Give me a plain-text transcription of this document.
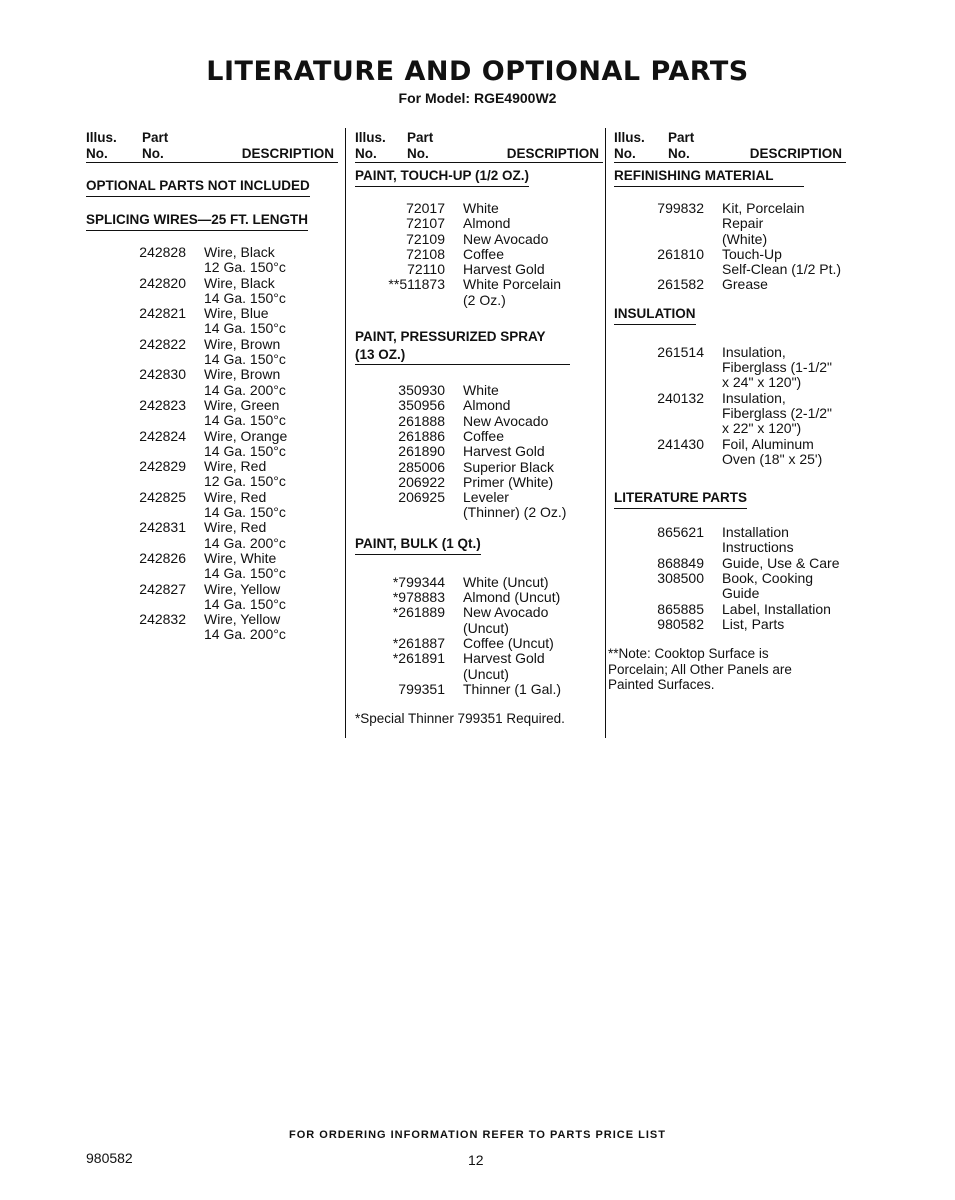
LITERATURE AND OPTIONAL PARTS
For Model: RGE4900W2
Illus.
No.
Part
No.	DESCRIPTION
OPTIONAL PARTS NOT INCLUDED
SPLICING WIRES—25 FT. LENGTH
242828 Wire, Black
12 Ga. 150°c
242820 Wire, Black
14 Ga. 150°c
242821 Wire, Blue
14 Ga. 150°c
242822 Wire, Brown
14 Ga. 150°c
242830 Wire, Brown
14 Ga. 200°c
242823 Wire, Green
14 Ga. 150°c
242824 Wire, Orange
14 Ga. 150°c
242829 Wire, Red
12 Ga. 150°c
242825 Wire, Red
14 Ga. 150°c
242831 Wire, Red
14 Ga. 200°c
242826 Wire, White
14 Ga. 150°c
242827 Wire, Yellow
14 Ga. 150°c
242832 Wire, Yellow
14 Ga. 200°c
Illus.
No.
Part
No.	DESCRIPTION
PAINT, TOUCH-UP (1/2 OZ.)
72017 White
72107 Almond
72109 New Avocado
72108 Coffee
72110 Harvest Gold
**511873 White Porcelain
(2 Oz.)
PAINT, PRESSURIZED SPRAY
(13 OZ.)
350930 White
350956 Almond
261888 New Avocado
261886 Coffee
261890 Harvest Gold
285006 Superior Black
206922 Primer (White)
206925 Leveler
(Thinner) (2 Oz.)
PAINT, BULK (1 Qt.)
*799344 White (Uncut)
*978883 Almond (Uncut)
*261889 New Avocado
(Uncut)
*261887 Coffee (Uncut)
*261891 Harvest Gold
(Uncut)
799351 Thinner (1 Gal.)
*Special Thinner 799351 Required.
Illus.
No.
Part
No.	DESCRIPTION
REFINISHING MATERIAL
799832 Kit, Porcelain
Repair
(White)
261810 Touch-Up
Self-Clean (1/2 Pt.)
261582 Grease
INSULATION
261514 Insulation,
Fiberglass (1-1/2"
x 24" x 120")
240132 Insulation,
Fiberglass (2-1/2"
x 22" x 120")
241430 Foil, Aluminum
Oven (18" x 25')
LITERATURE PARTS
865621 Installation
Instructions
868849 Guide, Use & Care
308500 Book, Cooking
Guide
865885 Label, Installation
980582 List, Parts
**Note: Cooktop Surface is
Porcelain; All Other Panels are
Painted Surfaces.
FOR ORDERING INFORMATION REFER TO PARTS PRICE LIST
980582	12
